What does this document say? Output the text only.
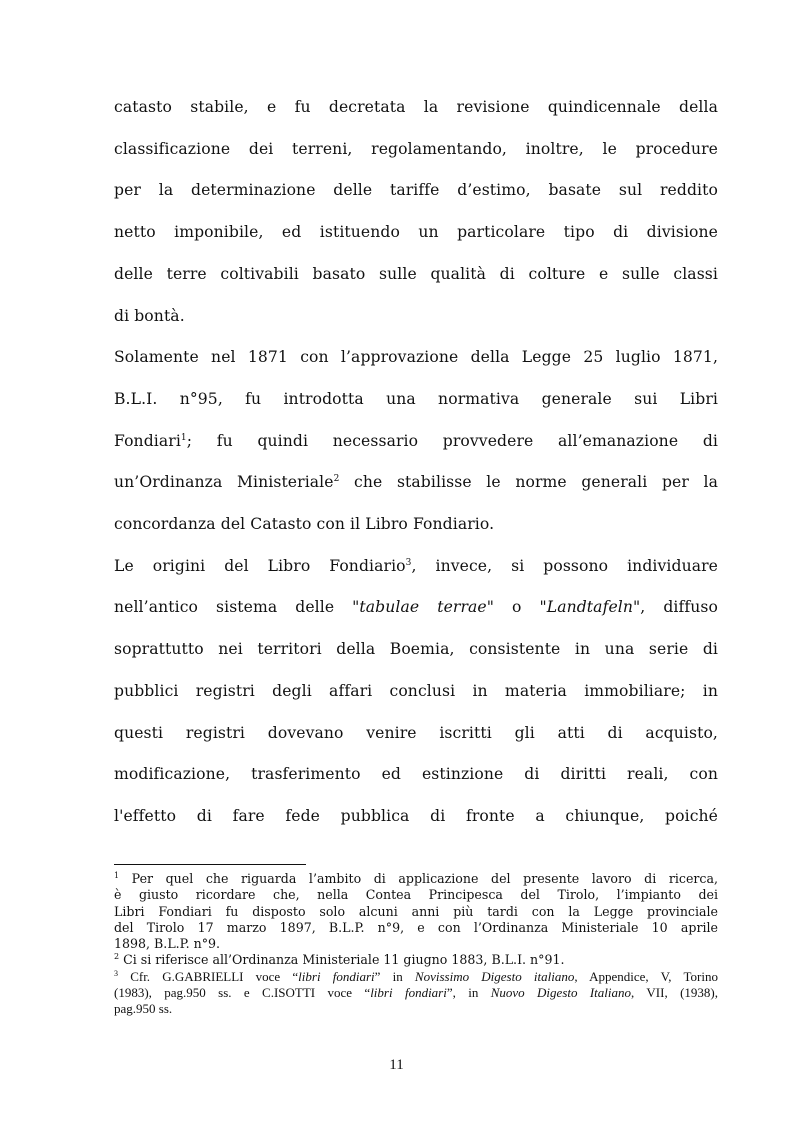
catasto stabile, e fu decretata la revisione quindicennale della
classificazione dei terreni, regolamentando, inoltre, le procedure
per la determinazione delle tariffe d’estimo, basate sul reddito
netto imponibile, ed istituendo un particolare tipo di divisione
delle terre coltivabili basato sulle qualità di colture e sulle classi
di bontà.
Solamente nel 1871 con l’approvazione della Legge 25 luglio 1871,
B.L.I. n°95, fu introdotta una normativa generale sui Libri
Fondiari$^1$; fu quindi necessario provvedere all’emanazione di
un’Ordinanza Ministeriale$^2$ che stabilisse le norme generali per la
concordanza del Catasto con il Libro Fondiario.
Le origini del Libro Fondiario$^3$, invece, si possono individuare
nell’antico sistema delle "tabulae terrae" o "Landtafeln", diffuso
soprattutto nei territori della Boemia, consistente in una serie di
pubblici registri degli affari conclusi in materia immobiliare; in
questi registri dovevano venire iscritti gli atti di acquisto,
modificazione, trasferimento ed estinzione di diritti reali, con
l'effetto di fare fede pubblica di fronte a chiunque, poiché
$^1$ Per quel che riguarda l’ambito di applicazione del presente lavoro di ricerca,
è giusto ricordare che, nella Contea Principesca del Tirolo, l’impianto dei
Libri Fondiari fu disposto solo alcuni anni più tardi con la Legge provinciale
del Tirolo 17 marzo 1897, B.L.P. n°9, e con l’Ordinanza Ministeriale 10 aprile
1898, B.L.P. n°9.
$^2$ Ci si riferisce all’Ordinanza Ministeriale 11 giugno 1883, B.L.I. n°91.
$^3$ Cfr. G.GABRIELLI voce “libri fondiari” in Novissimo Digesto italiano, Appendice, V, Torino
(1983), pag.950 ss. e C.ISOTTI voce “libri fondiari”, in Nuovo Digesto Italiano, VII, (1938),
pag.950 ss.
11
